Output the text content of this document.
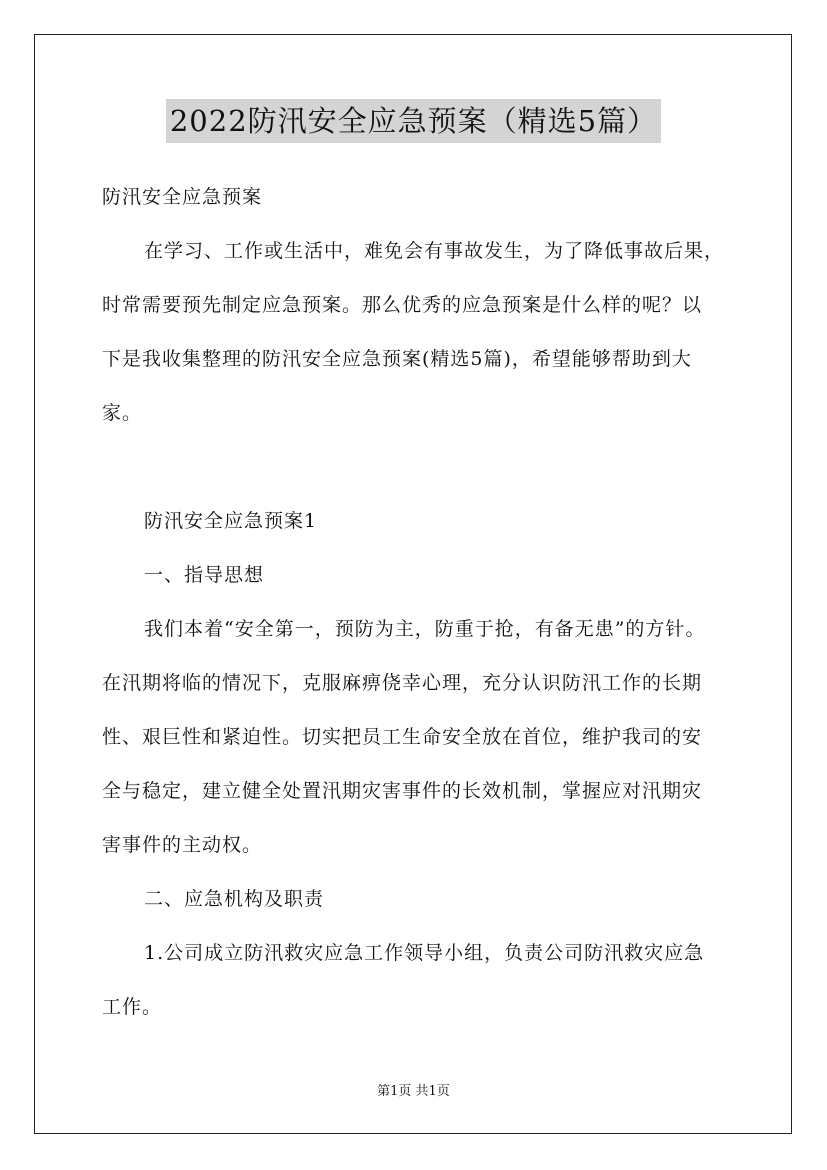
2022防汛安全应急预案（精选5篇）

防汛安全应急预案

在学习、工作或生活中，难免会有事故发生，为了降低事故后果，

时常需要预先制定应急预案。那么优秀的应急预案是什么样的呢？以

下是我收集整理的防汛安全应急预案(精选5篇)，希望能够帮助到大

家。

防汛安全应急预案1

一、指导思想

我们本着“安全第一，预防为主，防重于抢，有备无患”的方针。

在汛期将临的情况下，克服麻痹侥幸心理，充分认识防汛工作的长期

性、艰巨性和紧迫性。切实把员工生命安全放在首位，维护我司的安

全与稳定，建立健全处置汛期灾害事件的长效机制，掌握应对汛期灾

害事件的主动权。

二、应急机构及职责

1.公司成立防汛救灾应急工作领导小组，负责公司防汛救灾应急

工作。

第1页 共1页
